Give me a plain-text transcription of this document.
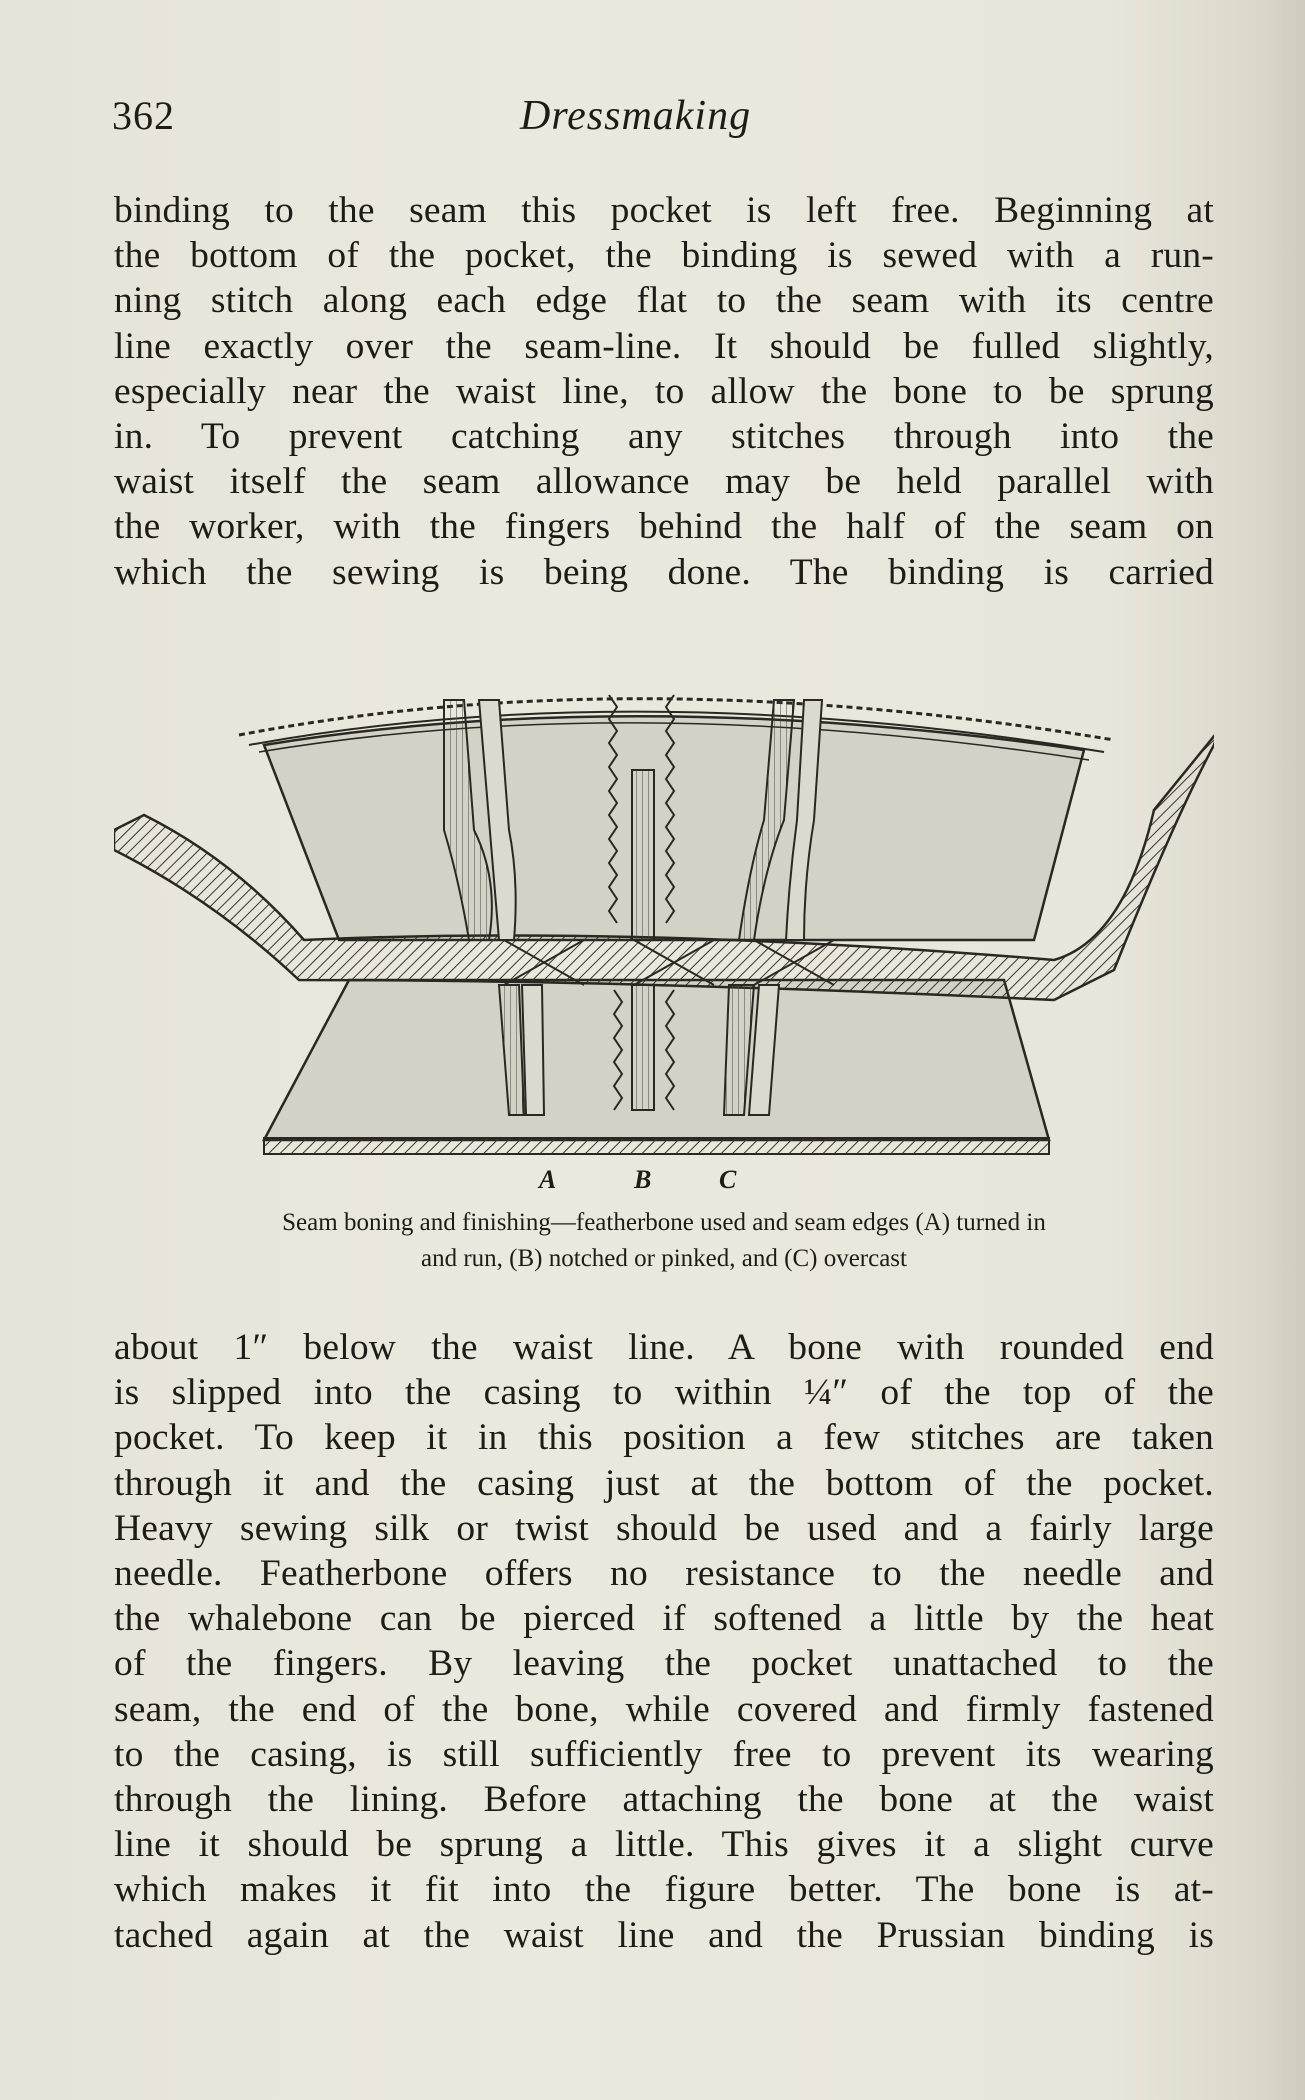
362	Dressmaking
binding to the seam this pocket is left free. Beginning at
the bottom of the pocket, the binding is sewed with a run-
ning stitch along each edge flat to the seam with its centre
line exactly over the seam-line. It should be fulled slightly,
especially near the waist line, to allow the bone to be sprung
in. To prevent catching any stitches through into the
waist itself the seam allowance may be held parallel with
the worker, with the fingers behind the half of the seam on
which the sewing is being done. The binding is carried
A	B	C
Seam boning and finishing—featherbone used and seam edges (A) turned in
and run, (B) notched or pinked, and (C) overcast
about 1″ below the waist line. A bone with rounded end
is slipped into the casing to within ¼″ of the top of the
pocket. To keep it in this position a few stitches are taken
through it and the casing just at the bottom of the pocket.
Heavy sewing silk or twist should be used and a fairly large
needle. Featherbone offers no resistance to the needle and
the whalebone can be pierced if softened a little by the heat
of the fingers. By leaving the pocket unattached to the
seam, the end of the bone, while covered and firmly fastened
to the casing, is still sufficiently free to prevent its wearing
through the lining. Before attaching the bone at the waist
line it should be sprung a little. This gives it a slight curve
which makes it fit into the figure better. The bone is at-
tached again at the waist line and the Prussian binding is
